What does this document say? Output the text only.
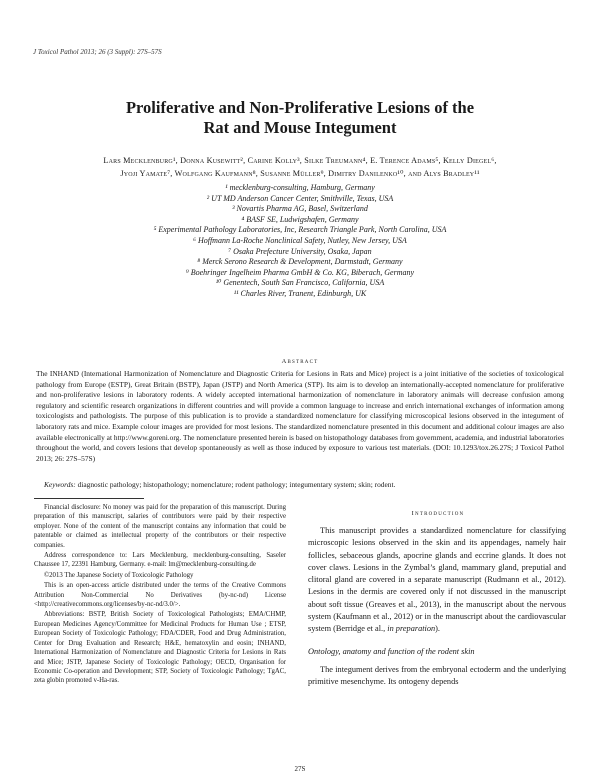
J Toxicol Pathol 2013; 26 (3 Suppl): 27S–57S
Proliferative and Non-Proliferative Lesions of the
Rat and Mouse Integument
Lars Mecklenburg¹, Donna Kusewitt², Carine Kolly³, Silke Treumann⁴, E. Terence Adams⁵, Kelly Diegel⁶,
Jyoji Yamate⁷, Wolfgang Kaufmann⁸, Susanne Müller⁹, Dimitry Danilenko¹⁰, and Alys Bradley¹¹
¹ mecklenburg-consulting, Hamburg, Germany
² UT MD Anderson Cancer Center, Smithville, Texas, USA
³ Novartis Pharma AG, Basel, Switzerland
⁴ BASF SE, Ludwigshafen, Germany
⁵ Experimental Pathology Laboratories, Inc, Research Triangle Park, North Carolina, USA
⁶ Hoffmann La-Roche Nonclinical Safety, Nutley, New Jersey, USA
⁷ Osaka Prefecture University, Osaka, Japan
⁸ Merck Serono Research & Development, Darmstadt, Germany
⁹ Boehringer Ingelheim Pharma GmbH & Co. KG, Biberach, Germany
¹⁰ Genentech, South San Francisco, California, USA
¹¹ Charles River, Tranent, Edinburgh, UK
Abstract
The INHAND (International Harmonization of Nomenclature and Diagnostic Criteria for Lesions in Rats and Mice) project is a joint initiative of the societies of toxicological pathology from Europe (ESTP), Great Britain (BSTP), Japan (JSTP) and North America (STP). Its aim is to develop an internationally-accepted nomenclature for proliferative and non-proliferative lesions in laboratory rodents. A widely accepted international harmonization of nomenclature in laboratory animals will decrease confusion among regulatory and scientific research organizations in different countries and will provide a common language to increase and enrich international exchanges of information among toxicologists and pathologists. The purpose of this publication is to provide a standardized nomenclature for classifying microscopical lesions observed in the integument of laboratory rats and mice. Example colour images are provided for most lesions. The standardized nomenclature presented in this document and additional colour images are also available electronically at http://www.goreni.org. The nomenclature presented herein is based on histopathology databases from government, academia, and industrial laboratories throughout the world, and covers lesions that develop spontaneously as well as those induced by exposure to various test materials. (DOI: 10.1293/tox.26.27S; J Toxicol Pathol 2013; 26: 27S–57S)
Keywords: diagnostic pathology; histopathology; nomenclature; rodent pathology; integumentary system; skin; rodent.

Financial disclosure: No money was paid for the preparation of this manuscript. During preparation of this manuscript, salaries of contributors were paid by their respective employer. None of the content of the manuscript contains any information that could be patentable or claimed as intellectual property of the contributors or their respective companies.

Address correspondence to: Lars Mecklenburg, mecklenburg-consulting, Saseler Chaussee 17, 22391 Hamburg, Germany. e-mail: lm@mecklenburg-consulting.de

©2013 The Japanese Society of Toxicologic Pathology

This is an open-access article distributed under the terms of the Creative Commons Attribution Non-Commercial No Derivatives (by-nc-nd) License <http://creativecommons.org/licenses/by-nc-nd/3.0/>.

Abbreviations: BSTP, British Society of Toxicological Pathologists; EMA/CHMP, European Medicines Agency/Committee for Medicinal Products for Human Use ; ETSP, European Society of Toxicologic Pathology; FDA/CDER, Food and Drug Administration, Center for Drug Evaluation and Research; H&E, hematoxylin and eosin; INHAND, International Harmonization of Nomenclature and Diagnostic Criteria for Lesions in Rats and Mice; JSTP, Japanese Society of Toxicologic Pathology; OECD, Organisation for Economic Co-operation and Development; STP, Society of Toxicologic Pathology; TgAC, zeta globin promoted v-Ha-ras.

Introduction

This manuscript provides a standardized nomenclature for classifying microscopic lesions observed in the skin and its appendages, namely hair follicles, sebaceous glands, apocrine glands and eccrine glands. It does not cover claws. Lesions in the Zymbal’s gland, mammary gland, preputial and clitoral gland are covered in a separate manuscript (Rudmann et al., 2012). Lesions in the dermis are covered only if not discussed in the manuscript about soft tissue (Greaves et al., 2013), in the manuscript about the nervous system (Kaufmann et al., 2012) or in the manuscript about the cardiovascular system (Berridge et al., in preparation).

Ontology, anatomy and function of the rodent skin

The integument derives from the embryonal ectoderm and the underlying primitive mesenchyme. Its ontogeny depends

27S
